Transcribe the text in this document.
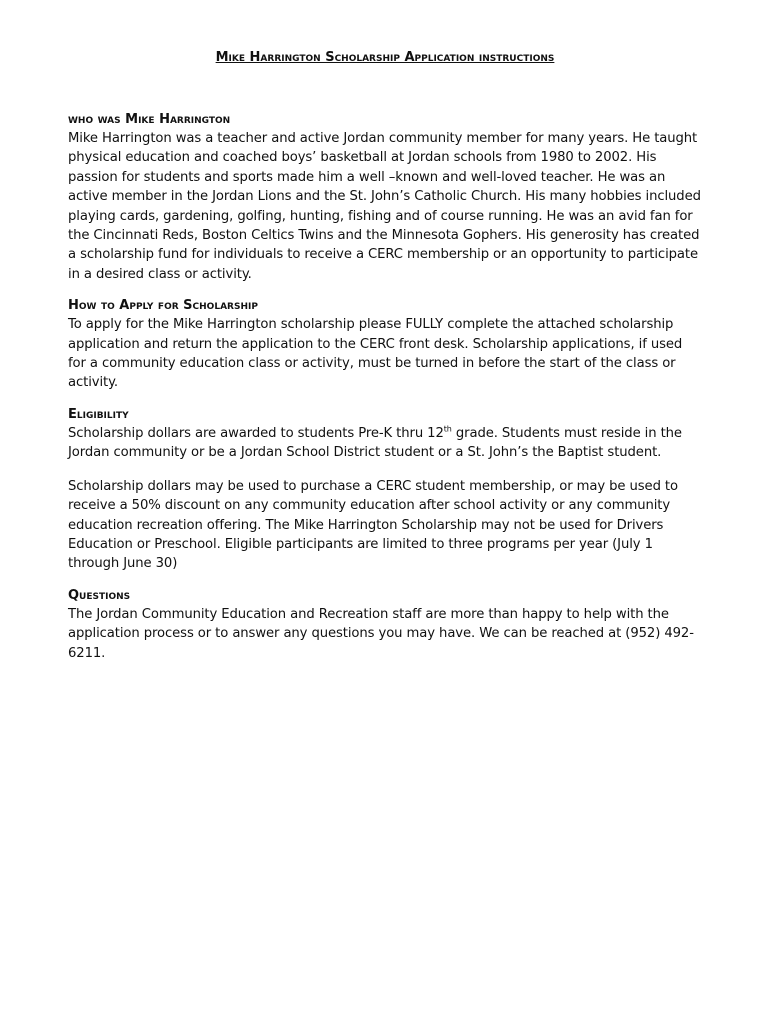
Mike Harrington Scholarship Application instructions
who was Mike Harrington

Mike Harrington was a teacher and active Jordan community member for many years. He taught physical education and coached boys’ basketball at Jordan schools from 1980 to 2002. His passion for students and sports made him a well –known and well-loved teacher. He was an active member in the Jordan Lions and the St. John’s Catholic Church. His many hobbies included playing cards, gardening, golfing, hunting, fishing and of course running. He was an avid fan for the Cincinnati Reds, Boston Celtics Twins and the Minnesota Gophers. His generosity has created a scholarship fund for individuals to receive a CERC membership or an opportunity to participate in a desired class or activity.

How to Apply for Scholarship

To apply for the Mike Harrington scholarship please FULLY complete the attached scholarship application and return the application to the CERC front desk. Scholarship applications, if used for a community education class or activity, must be turned in before the start of the class or activity.

Eligibility

Scholarship dollars are awarded to students Pre-K thru 12th grade. Students must reside in the Jordan community or be a Jordan School District student or a St. John’s the Baptist student.

Scholarship dollars may be used to purchase a CERC student membership, or may be used to receive a 50% discount on any community education after school activity or any community education recreation offering. The Mike Harrington Scholarship may not be used for Drivers Education or Preschool. Eligible participants are limited to three programs per year (July 1 through June 30)

Questions

The Jordan Community Education and Recreation staff are more than happy to help with the application process or to answer any questions you may have. We can be reached at (952) 492-6211.
